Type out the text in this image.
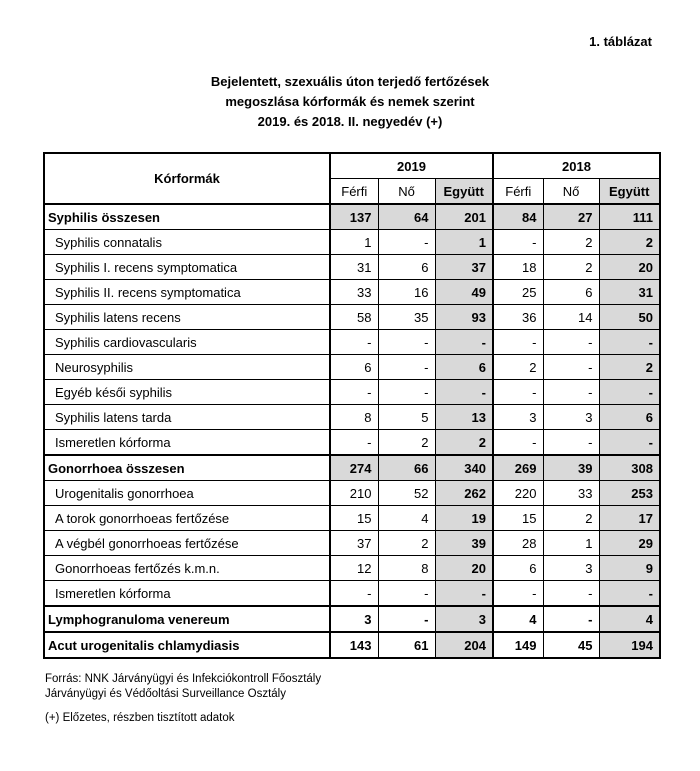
1. táblázat
Bejelentett, szexuális úton terjedő fertőzések
megoszlása kórformák és nemek szerint
2019. és 2018. II. negyedév (+)
Kórformák	2019			2018		
	Férfi	Nő	Együtt	Férfi	Nő	Együtt
Syphilis összesen	137	64	201	84	27	111
Syphilis connatalis	1	-	1	-	2	2
Syphilis I. recens symptomatica	31	6	37	18	2	20
Syphilis II. recens symptomatica	33	16	49	25	6	31
Syphilis latens recens	58	35	93	36	14	50
Syphilis cardiovascularis	-	-	-	-	-	-
Neurosyphilis	6	-	6	2	-	2
Egyéb késői syphilis	-	-	-	-	-	-
Syphilis latens tarda	8	5	13	3	3	6
Ismeretlen kórforma	-	2	2	-	-	-
Gonorrhoea összesen	274	66	340	269	39	308
Urogenitalis gonorrhoea	210	52	262	220	33	253
A torok gonorrhoeas fertőzése	15	4	19	15	2	17
A végbél gonorrhoeas fertőzése	37	2	39	28	1	29
Gonorrhoeas fertőzés k.m.n.	12	8	20	6	3	9
Ismeretlen kórforma	-	-	-	-	-	-
Lymphogranuloma venereum	3	-	3	4	-	4
Acut urogenitalis chlamydiasis	143	61	204	149	45	194
Forrás: NNK Járványügyi és Infekciókontroll Főosztály
Járványügyi és Védőoltási Surveillance Osztály
(+) Előzetes, részben tisztított adatok
